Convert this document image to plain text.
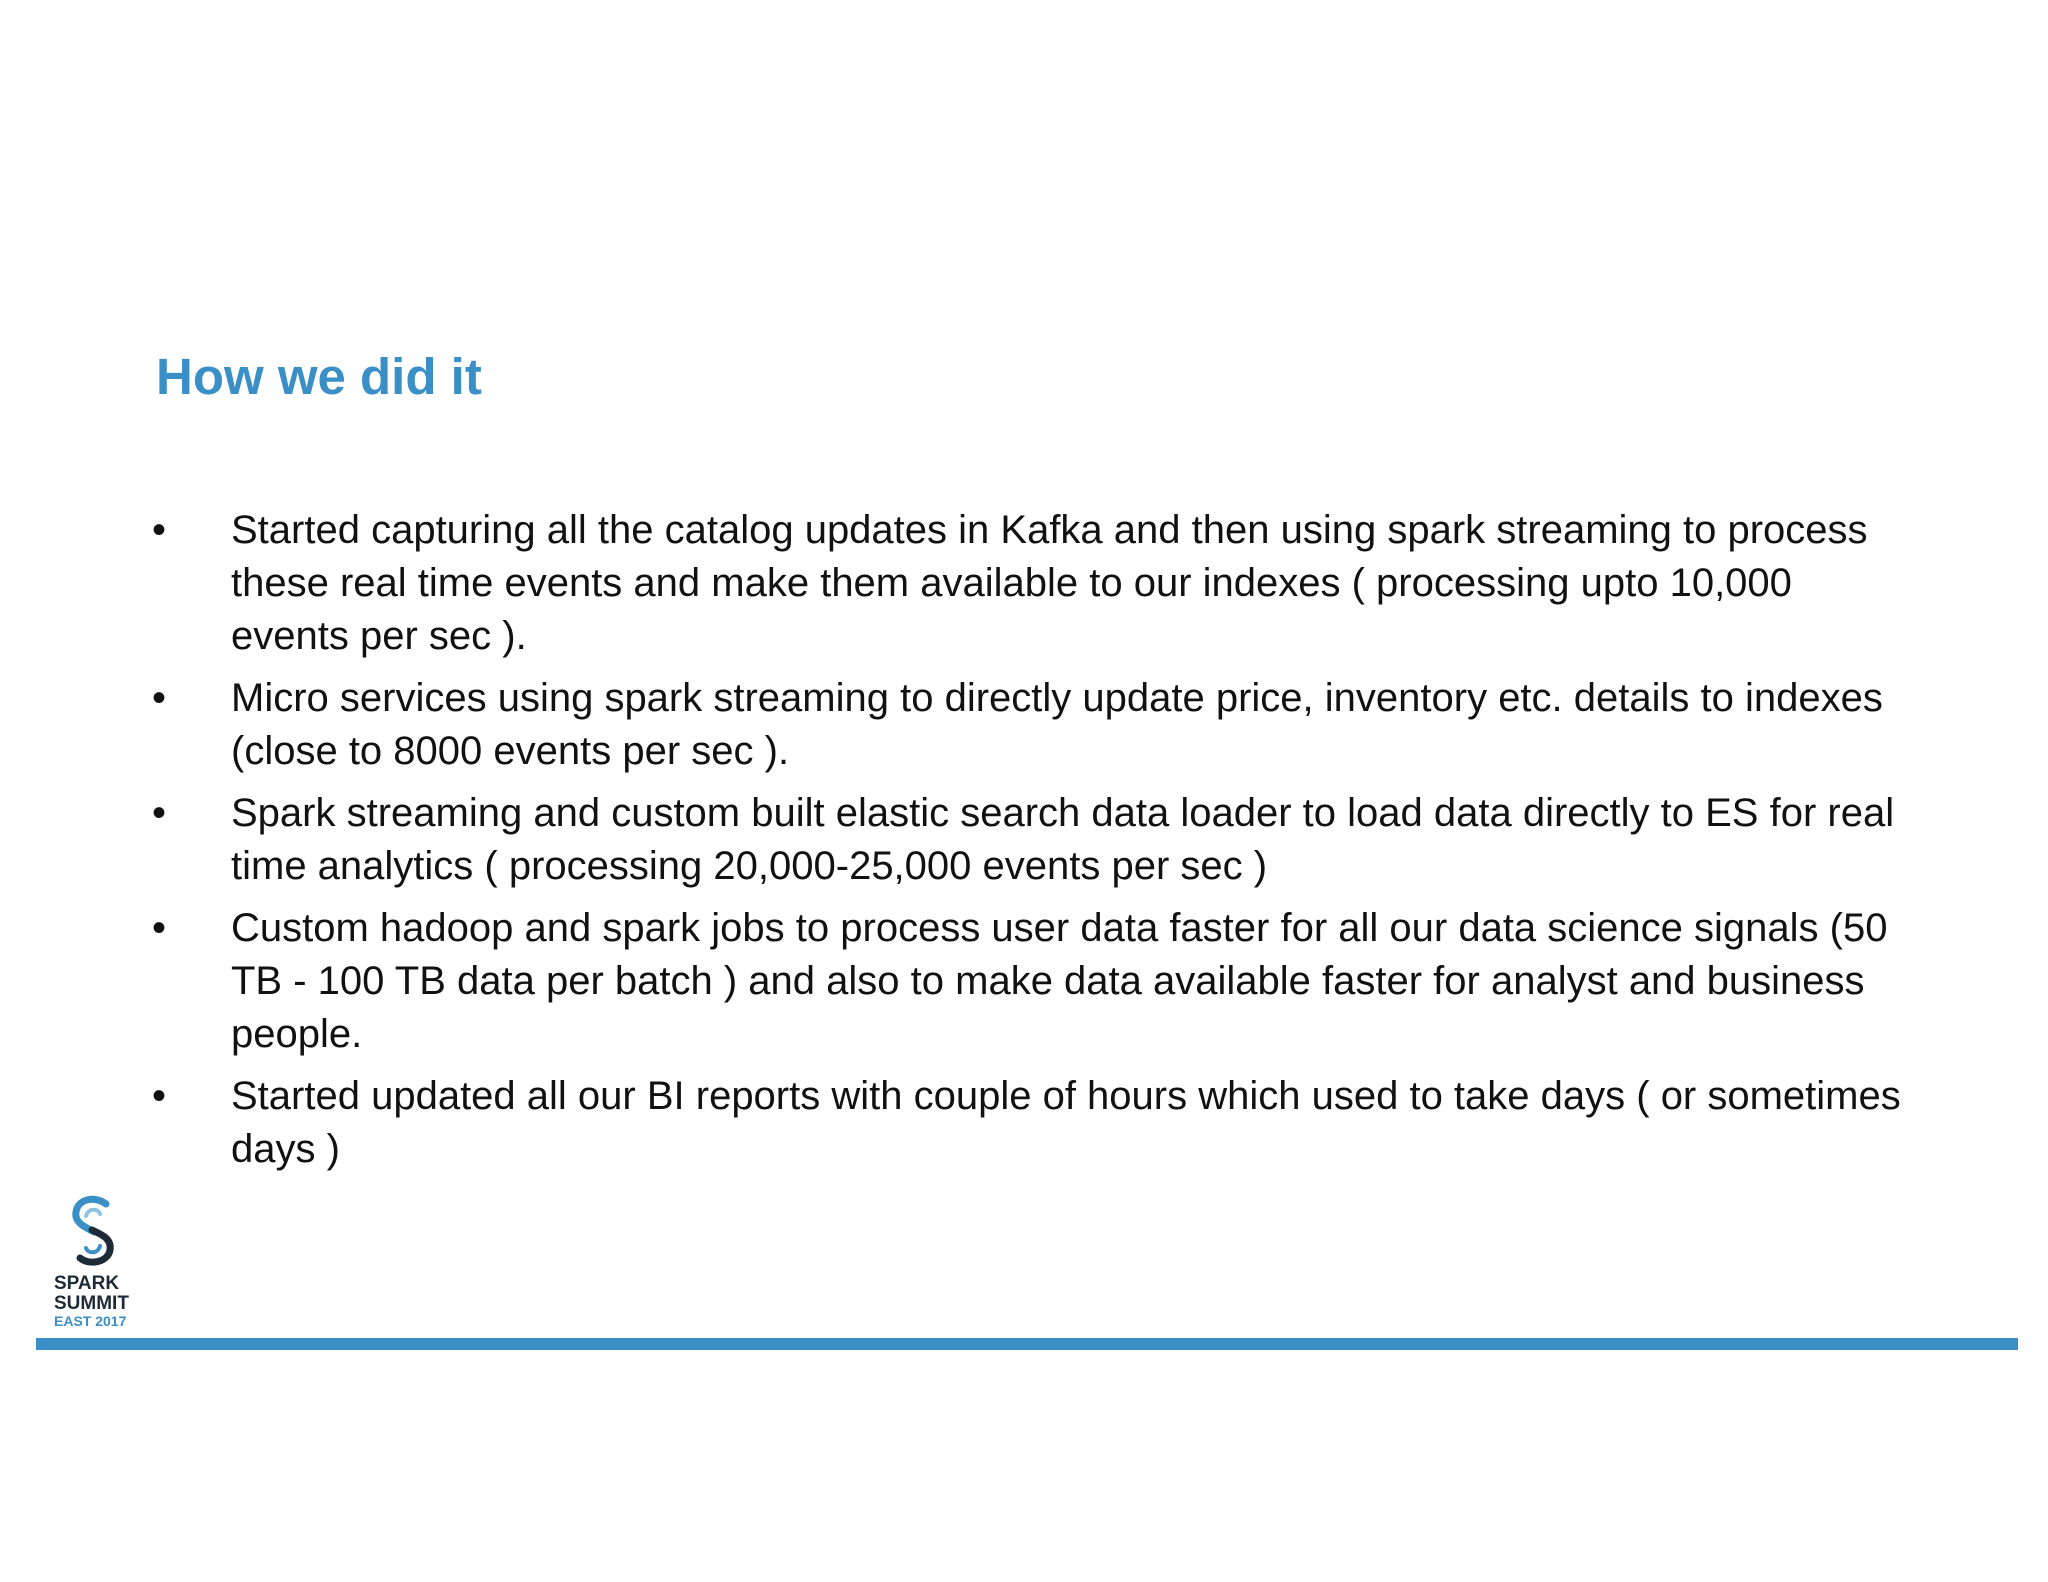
How we did it
•	Started capturing all the catalog updates in Kafka and then using spark streaming to process these real time events and make them available to our indexes ( processing upto 10,000 events per sec ).
•	Micro services using spark streaming to directly update price, inventory etc. details to indexes (close to 8000 events per sec ).
•	Spark streaming and custom built elastic search data loader to load data directly to ES for real time analytics ( processing 20,000-25,000 events per sec )
•	Custom hadoop and spark jobs to process user data faster for all our data science signals (50 TB - 100 TB data per batch ) and also to make data available faster for analyst and business people.
•	Started updated all our BI reports with couple of hours which used to take days ( or sometimes days )
SPARK
SUMMIT
EAST 2017
